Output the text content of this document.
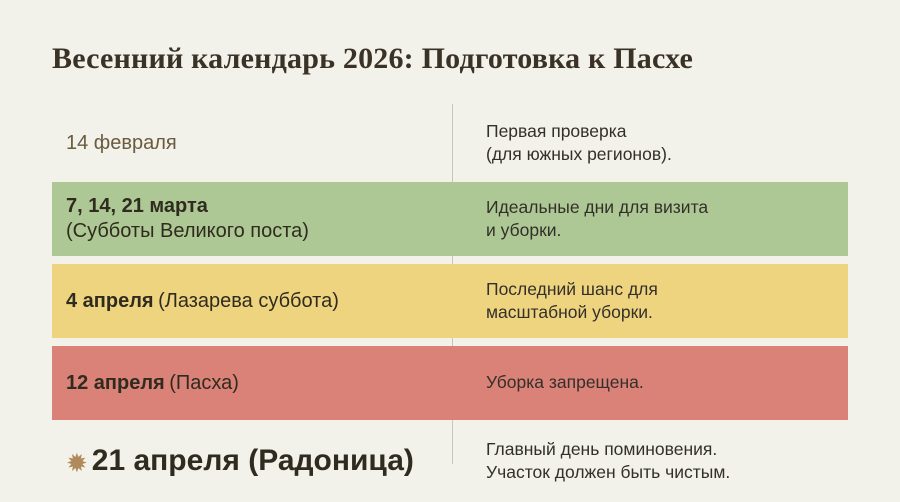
Весенний календарь 2026: Подготовка к Пасхе
14 февраля
Первая проверка
(для южных регионов).
7, 14, 21 марта
(Субботы Великого поста)
Идеальные дни для визита
и уборки.
4 апреля (Лазарева суббота)
Последний шанс для
масштабной уборки.
12 апреля (Пасха)	Уборка запрещена.
✹ 21 апреля (Радоница)	Главный день поминовения.
Участок должен быть чистым.
